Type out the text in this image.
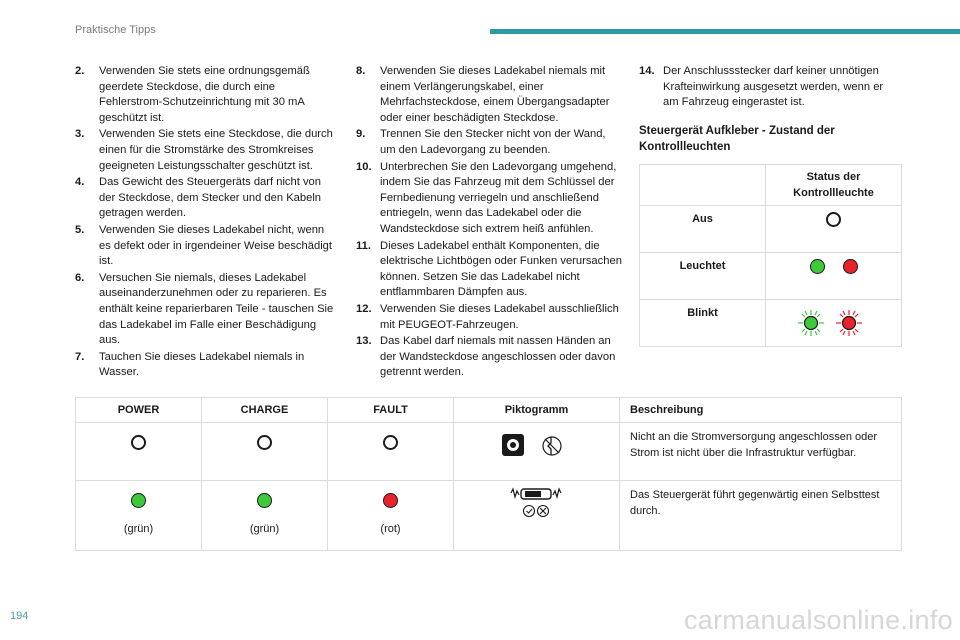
Praktische Tipps
2.	Verwenden Sie stets eine ordnungsgemäß geerdete Steckdose, die durch eine Fehlerstrom-Schutzeinrichtung mit 30 mA geschützt ist.
3.	Verwenden Sie stets eine Steckdose, die durch einen für die Stromstärke des Stromkreises geeigneten Leistungsschalter geschützt ist.
4.	Das Gewicht des Steuergeräts darf nicht von der Steckdose, dem Stecker und den Kabeln getragen werden.
5.	Verwenden Sie dieses Ladekabel nicht, wenn es defekt oder in irgendeiner Weise beschädigt ist.
6.	Versuchen Sie niemals, dieses Ladekabel auseinanderzunehmen oder zu reparieren. Es enthält keine reparierbaren Teile - tauschen Sie das Ladekabel im Falle einer Beschädigung aus.
7.	Tauchen Sie dieses Ladekabel niemals in Wasser.
8.	Verwenden Sie dieses Ladekabel niemals mit einem Verlängerungskabel, einer Mehrfachsteckdose, einem Übergangsadapter oder einer beschädigten Steckdose.
9.	Trennen Sie den Stecker nicht von der Wand, um den Ladevorgang zu beenden.
10. Unterbrechen Sie den Ladevorgang umgehend, indem Sie das Fahrzeug mit dem Schlüssel der Fernbedienung verriegeln und anschließend entriegeln, wenn das Ladekabel oder die Wandsteckdose sich extrem heiß anfühlen.
11. Dieses Ladekabel enthält Komponenten, die elektrische Lichtbögen oder Funken verursachen können. Setzen Sie das Ladekabel nicht entflammbaren Dämpfen aus.
12. Verwenden Sie dieses Ladekabel ausschließlich mit PEUGEOT-Fahrzeugen.
13. Das Kabel darf niemals mit nassen Händen an der Wandsteckdose angeschlossen oder davon getrennt werden.
14. Der Anschlussstecker darf keiner unnötigen Krafteinwirkung ausgesetzt werden, wenn er am Fahrzeug eingerastet ist.
Steuergerät Aufkleber - Zustand der Kontrollleuchten
	Status der Kontrollleuchte
Aus	
Leuchtet	
Blinkt	
POWER	CHARGE	FAULT	Piktogramm	Beschreibung
				Nicht an die Stromversorgung angeschlossen oder Strom ist nicht über die Infrastruktur verfügbar.

(grün)	(grün)	(rot)		Das Steuergerät führt gegenwärtig einen Selbsttest durch.
194	carmanualsonline.info
